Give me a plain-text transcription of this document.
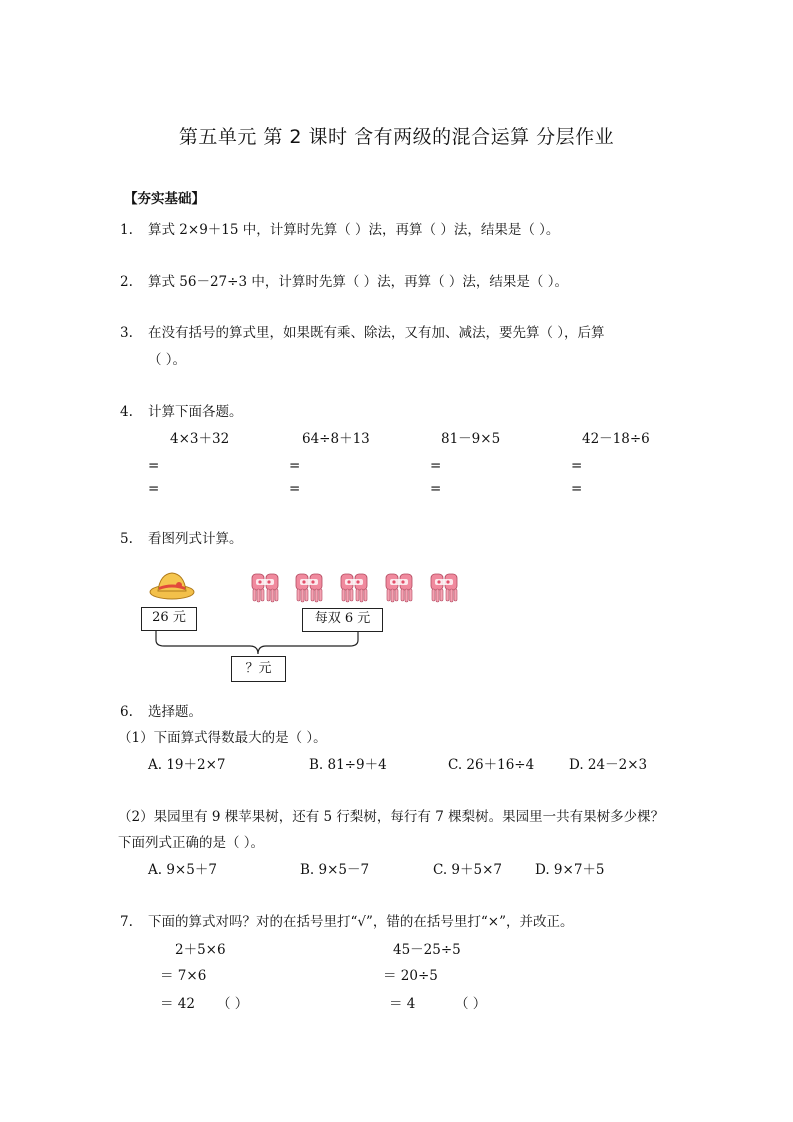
第五单元 第 2 课时 含有两级的混合运算 分层作业
【夯实基础】
1. 算式 2×9＋15 中，计算时先算（ ）法，再算（ ）法，结果是（ ）。
2. 算式 56－27÷3 中，计算时先算（ ）法，再算（ ）法，结果是（ ）。
3. 在没有括号的算式里，如果既有乘、除法，又有加、减法，要先算（ ），后算
（ ）。
4. 计算下面各题。
4×3＋32	64÷8＋13	81－9×5	42－18÷6
=	=	=	=
=	=	=	=
5. 看图列式计算。
26 元	每双 6 元
？元
6. 选择题。
（1）下面算式得数最大的是（ ）。
A. 19＋2×7	B. 81÷9＋4	C. 26＋16÷4	D. 24－2×3
（2）果园里有 9 棵苹果树，还有 5 行梨树，每行有 7 棵梨树。果园里一共有果树多少棵？
下面列式正确的是（ ）。
A. 9×5＋7	B. 9×5－7	C. 9＋5×7 D. 9×7＋5
7. 下面的算式对吗？对的在括号里打“√”，错的在括号里打“×”，并改正。
2＋5×6
＝ 7×6
＝ 42 （ ）
45－25÷5
＝ 20÷5
＝ 4	（ ）
